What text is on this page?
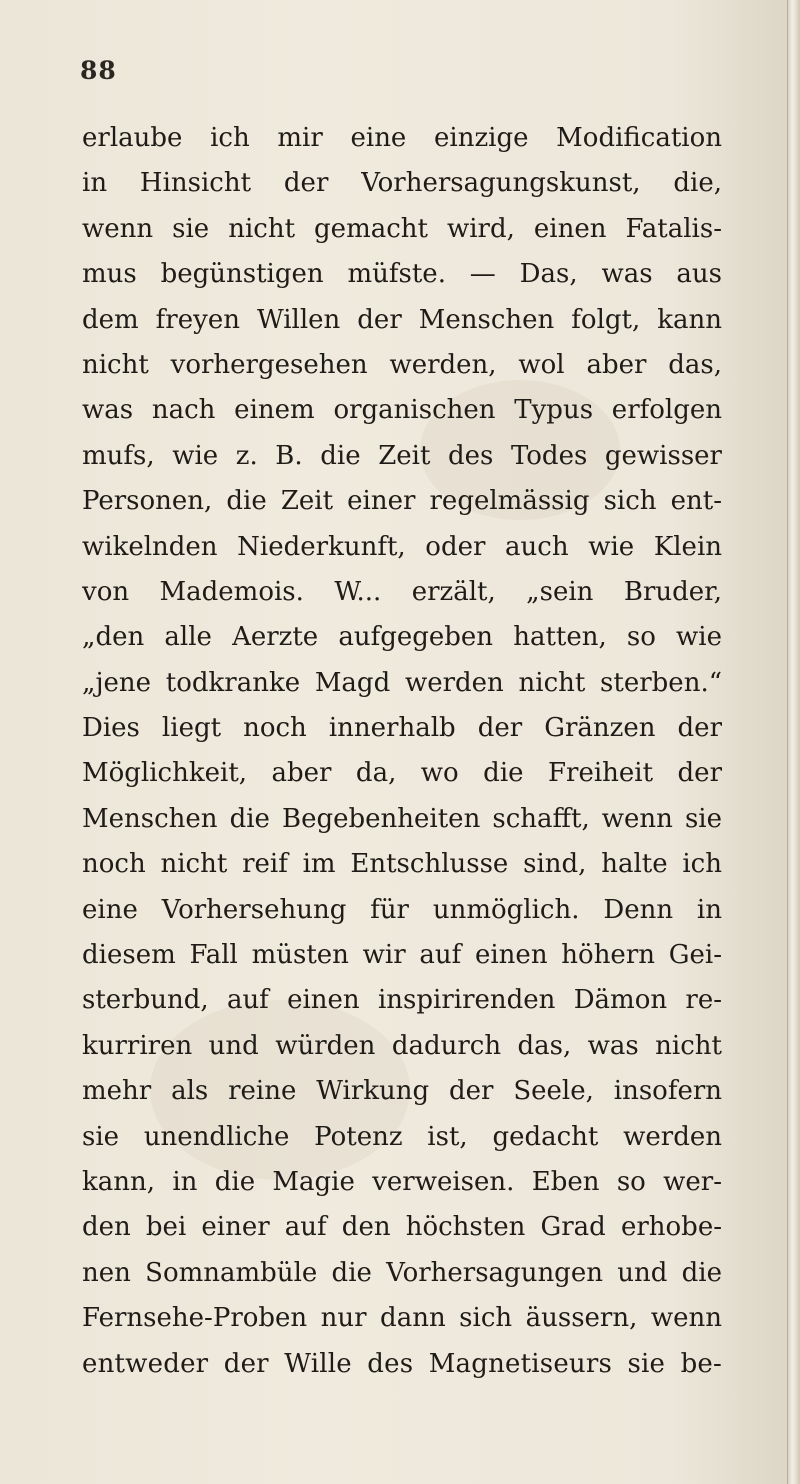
88
erlaube ich mir eine einzige Modification
in Hinsicht der Vorhersagungskunst, die,
wenn sie nicht gemacht wird, einen Fatalis-
mus begünstigen müfste. — Das, was aus
dem freyen Willen der Menschen folgt, kann
nicht vorhergesehen werden, wol aber das,
was nach einem organischen Typus erfolgen
mufs, wie z. B. die Zeit des Todes gewisser
Personen, die Zeit einer regelmässig sich ent-
wikelnden Niederkunft, oder auch wie Klein
von Mademois. W... erzält, „sein Bruder,
„den alle Aerzte aufgegeben hatten, so wie
„jene todkranke Magd werden nicht sterben.“
Dies liegt noch innerhalb der Gränzen der
Möglichkeit, aber da, wo die Freiheit der
Menschen die Begebenheiten schafft, wenn sie
noch nicht reif im Entschlusse sind, halte ich
eine Vorhersehung für unmöglich. Denn in
diesem Fall müsten wir auf einen höhern Gei-
sterbund, auf einen inspirirenden Dämon re-
kurriren und würden dadurch das, was nicht
mehr als reine Wirkung der Seele, insofern
sie unendliche Potenz ist, gedacht werden
kann, in die Magie verweisen. Eben so wer-
den bei einer auf den höchsten Grad erhobe-
nen Somnambüle die Vorhersagungen und die
Fernsehe-Proben nur dann sich äussern, wenn
entweder der Wille des Magnetiseurs sie be-
